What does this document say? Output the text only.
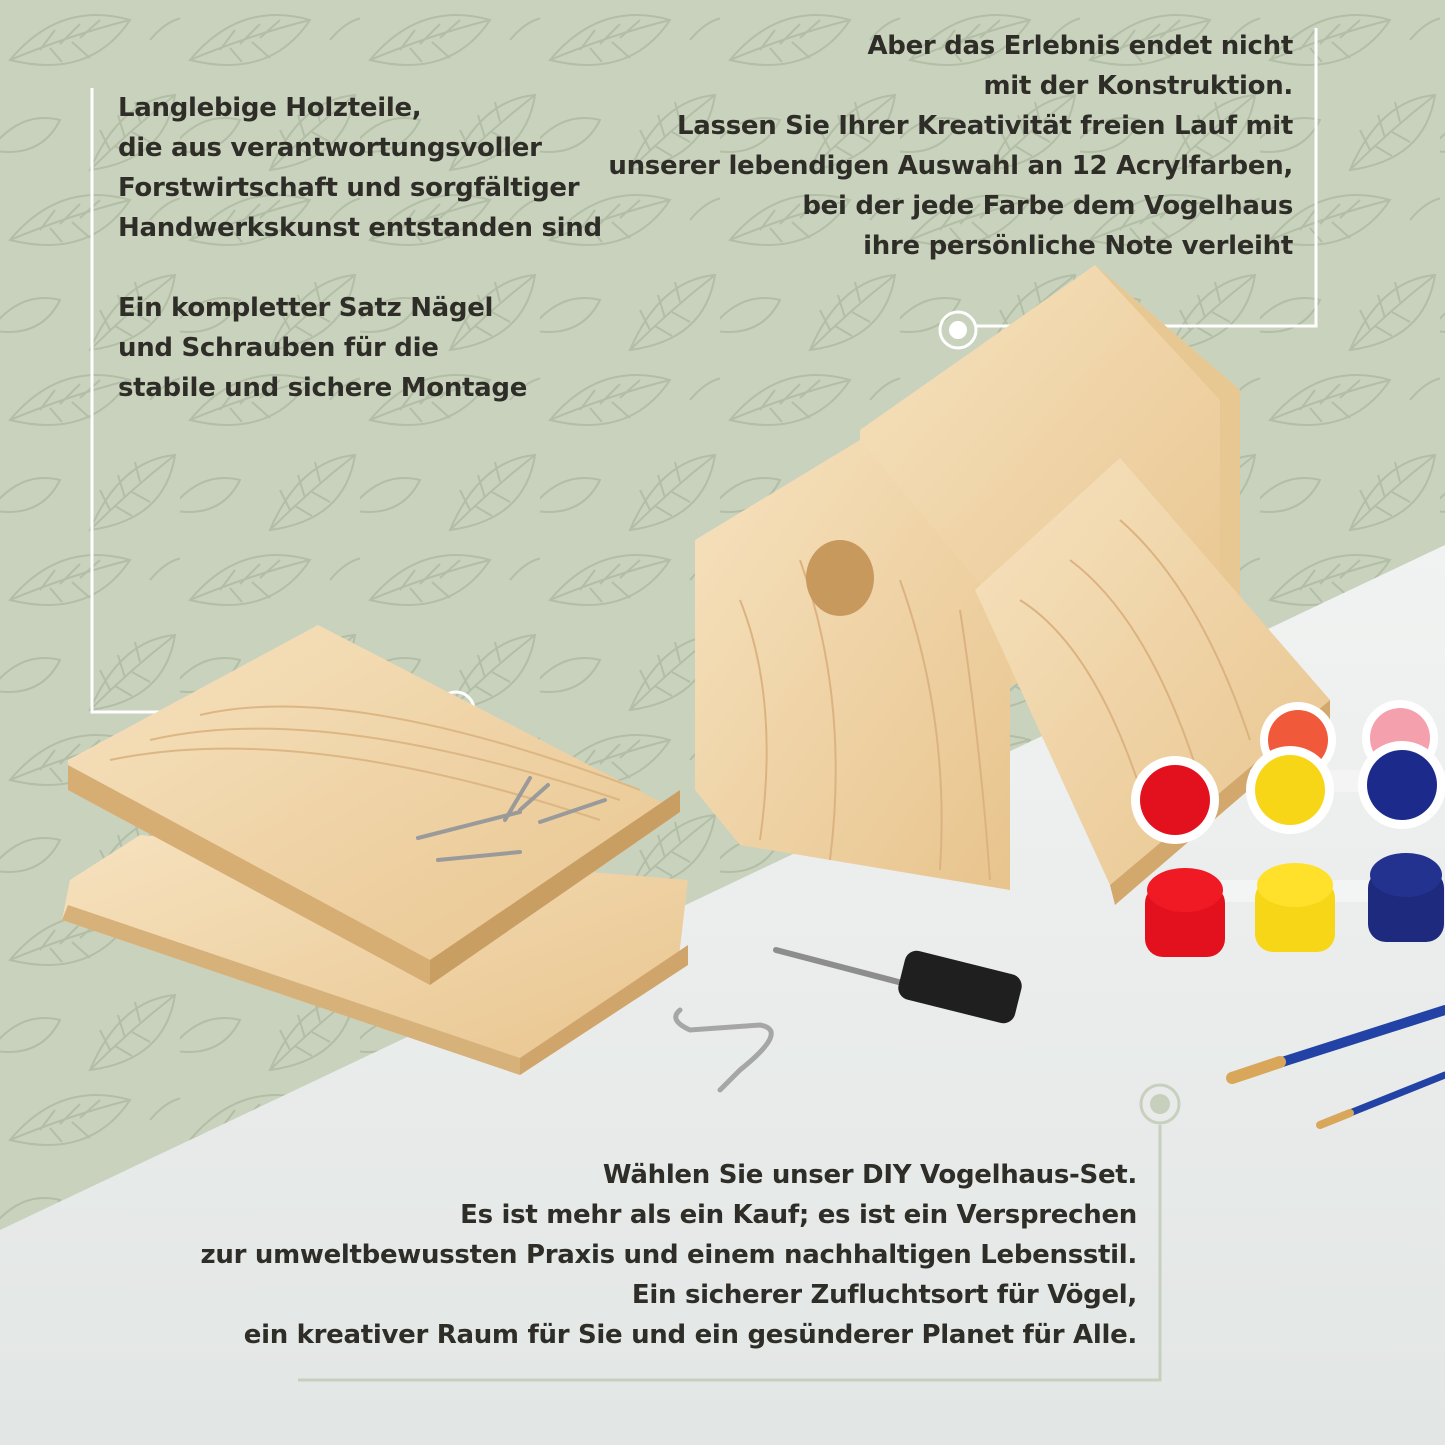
Langlebige Holzteile,
die aus verantwortungsvoller
Forstwirtschaft und sorgfältiger
Handwerkskunst entstanden sind
Ein kompletter Satz Nägel
und Schrauben für die
stabile und sichere Montage
Aber das Erlebnis endet nicht
mit der Konstruktion.
Lassen Sie Ihrer Kreativität freien Lauf mit
unserer lebendigen Auswahl an 12 Acrylfarben,
bei der jede Farbe dem Vogelhaus
ihre persönliche Note verleiht
Wählen Sie unser DIY Vogelhaus-Set.
Es ist mehr als ein Kauf; es ist ein Versprechen
zur umweltbewussten Praxis und einem nachhaltigen Lebensstil.
Ein sicherer Zufluchtsort für Vögel,
ein kreativer Raum für Sie und ein gesünderer Planet für Alle.
